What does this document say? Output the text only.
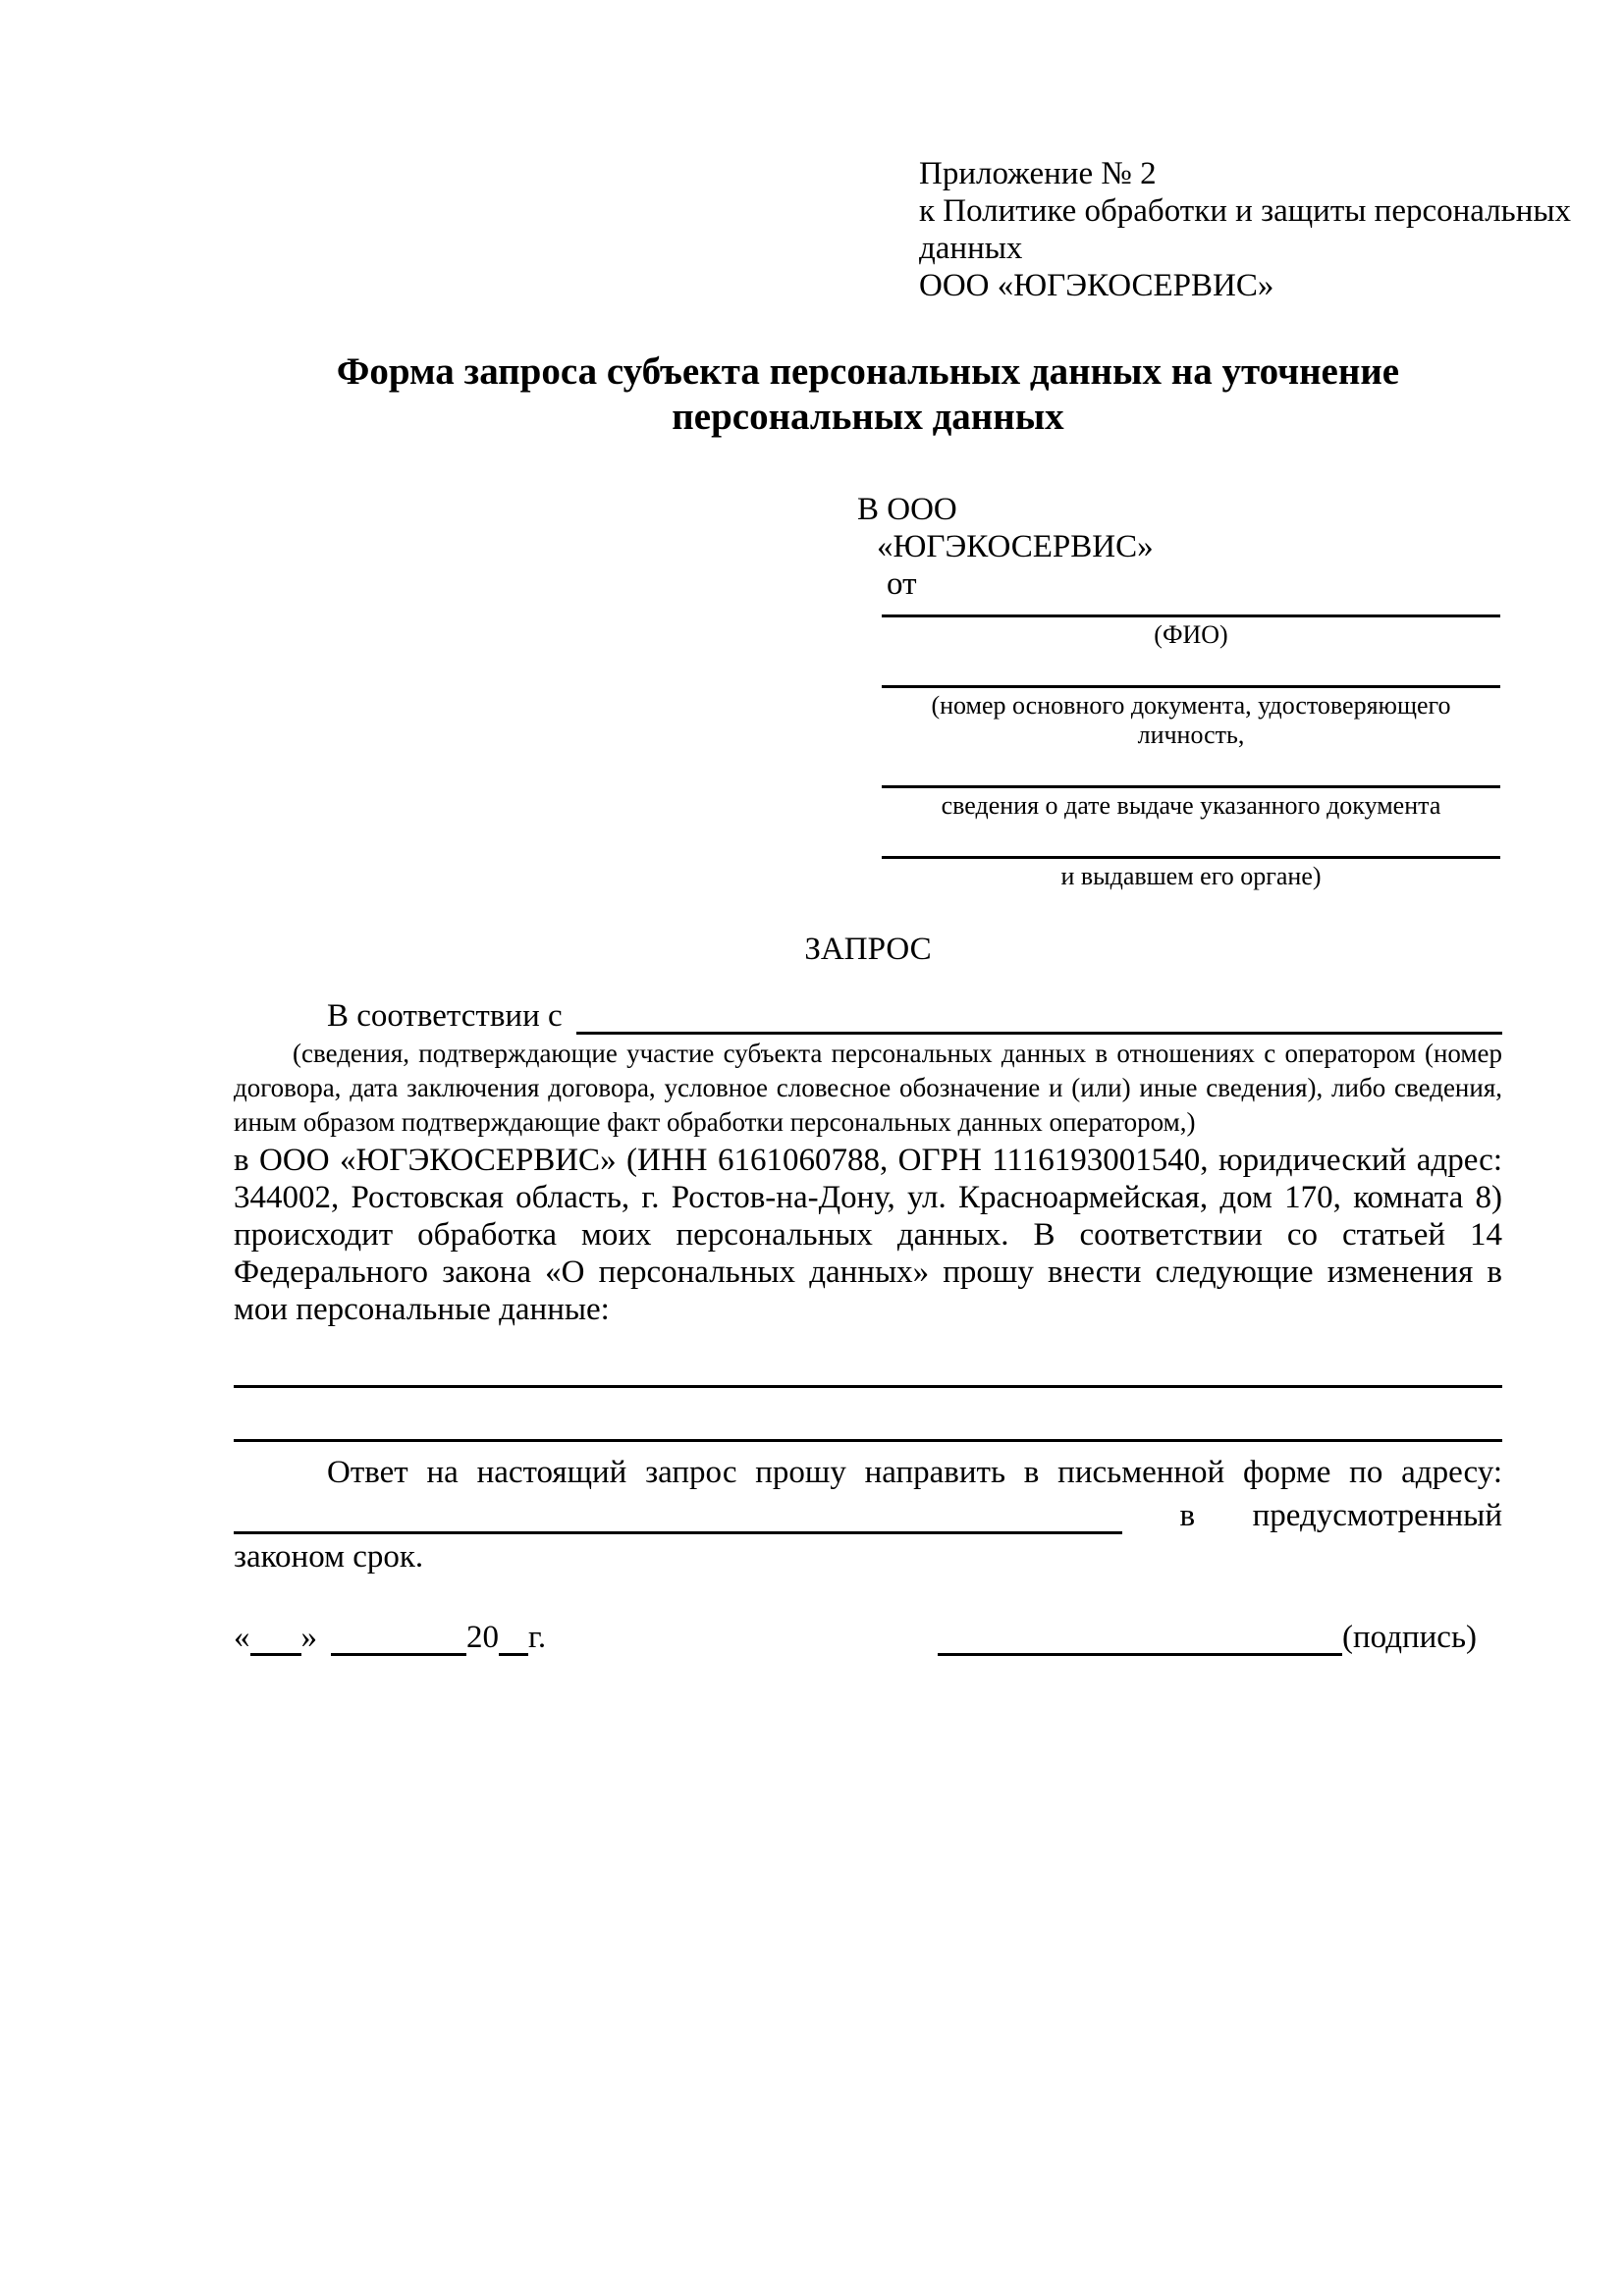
Приложение № 2
к Политике обработки и защиты персональных
данных
ООО «ЮГЭКОСЕРВИС»
Форма запроса субъекта персональных данных на уточнение персональных данных
В ООО
«ЮГЭКОСЕРВИС»
от
(ФИО)
(номер основного документа, удостоверяющего личность,
сведения о дате выдаче указанного документа
и выдавшем его органе)
ЗАПРОС
В соответствии с
(сведения, подтверждающие участие субъекта персональных данных в отношениях с оператором (номер договора, дата заключения договора, условное словесное обозначение и (или) иные сведения), либо сведения, иным образом подтверждающие факт обработки персональных данных оператором,)
в ООО «ЮГЭКОСЕРВИС» (ИНН 6161060788, ОГРН 1116193001540, юридический адрес: 344002, Ростовская область, г. Ростов-на-Дону, ул. Красноармейская, дом 170, комната 8) происходит обработка моих персональных данных. В соответствии со статьей 14 Федерального закона «О персональных данных» прошу внести следующие изменения в мои персональные данные:
Ответ на настоящий запрос прошу направить в письменной форме по адресу:
в предусмотренный
законом срок.
« »	20 г.	(подпись)
